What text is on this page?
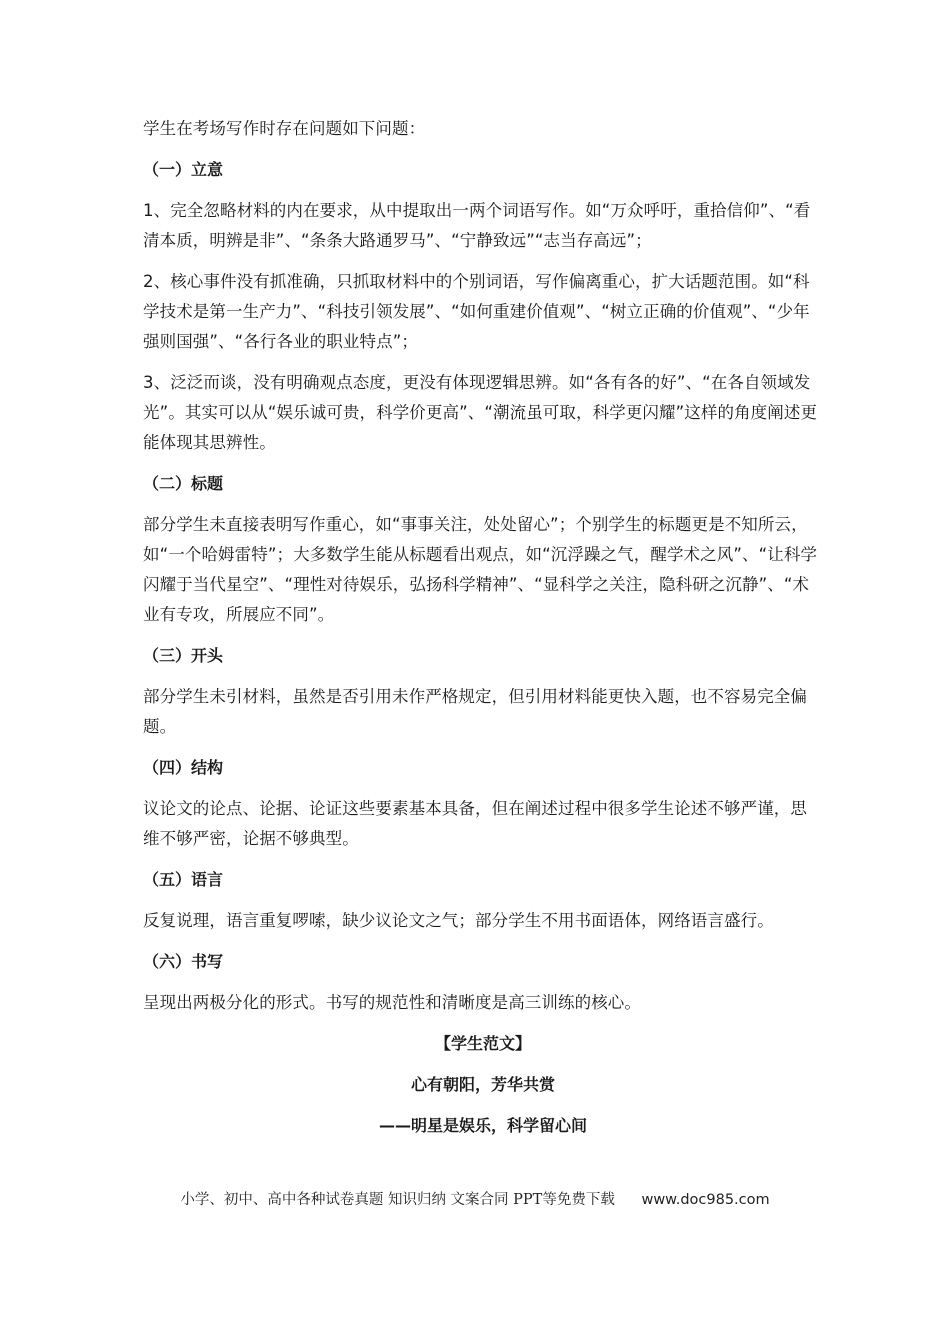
学生在考场写作时存在问题如下问题：

（一）立意

1、完全忽略材料的内在要求，从中提取出一两个词语写作。如“万众呼吁，重拾信仰”、“看清本质，明辨是非”、“条条大路通罗马”、“宁静致远”“志当存高远”；

2、核心事件没有抓准确，只抓取材料中的个别词语，写作偏离重心，扩大话题范围。如“科学技术是第一生产力”、“科技引领发展”、“如何重建价值观”、“树立正确的价值观”、“少年强则国强”、“各行各业的职业特点”；

3、泛泛而谈，没有明确观点态度，更没有体现逻辑思辨。如“各有各的好”、“在各自领域发光”。其实可以从“娱乐诚可贵，科学价更高”、“潮流虽可取，科学更闪耀”这样的角度阐述更能体现其思辨性。

（二）标题

部分学生未直接表明写作重心，如“事事关注，处处留心”；个别学生的标题更是不知所云，如“一个哈姆雷特”；大多数学生能从标题看出观点，如“沉浮躁之气，醒学术之风”、“让科学闪耀于当代星空”、“理性对待娱乐，弘扬科学精神”、“显科学之关注，隐科研之沉静”、“术业有专攻，所展应不同”。

（三）开头

部分学生未引材料，虽然是否引用未作严格规定，但引用材料能更快入题，也不容易完全偏题。

（四）结构

议论文的论点、论据、论证这些要素基本具备，但在阐述过程中很多学生论述不够严谨，思维不够严密，论据不够典型。

（五）语言

反复说理，语言重复啰嗦，缺少议论文之气；部分学生不用书面语体，网络语言盛行。

（六）书写

呈现出两极分化的形式。书写的规范性和清晰度是高三训练的核心。

【学生范文】

心有朝阳，芳华共赏

——明星是娱乐，科学留心间

小学、初中、高中各种试卷真题 知识归纳 文案合同 PPT等免费下载 www.doc985.com
